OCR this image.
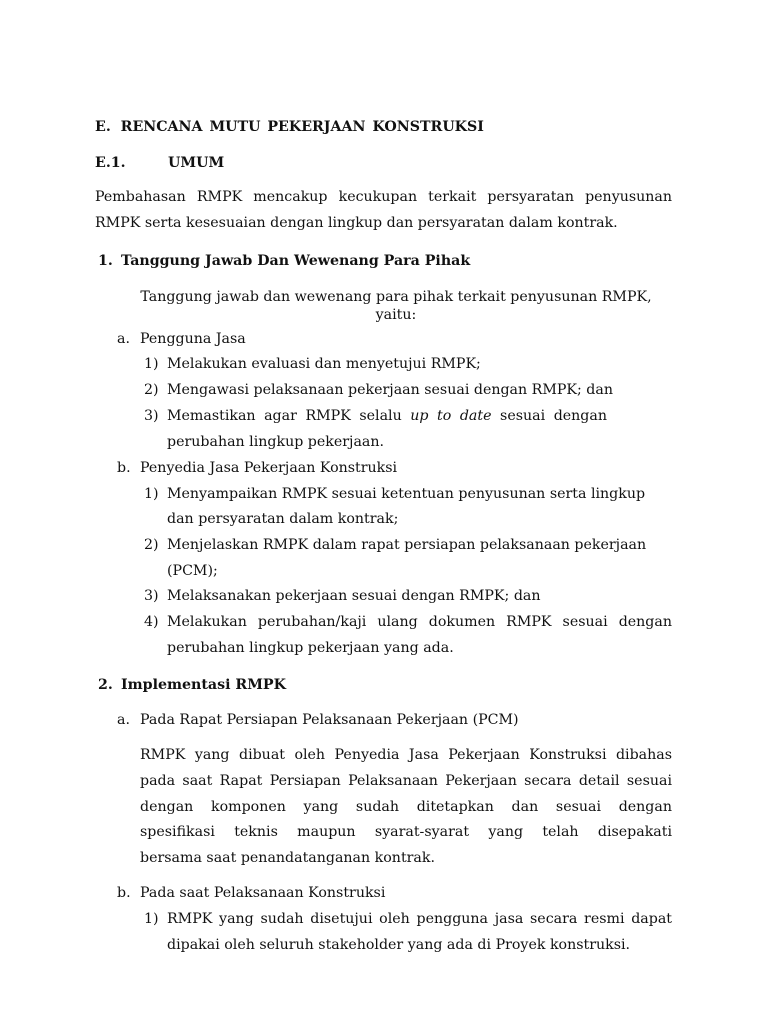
E. RENCANA MUTU PEKERJAAN KONSTRUKSI
E.1.	UMUM
Pembahasan RMPK mencakup kecukupan terkait persyaratan penyusunan
RMPK serta kesesuaian dengan lingkup dan persyaratan dalam kontrak.
1. Tanggung Jawab Dan Wewenang Para Pihak
Tanggung jawab dan wewenang para pihak terkait penyusunan RMPK,
yaitu:
a. Pengguna Jasa
1) Melakukan evaluasi dan menyetujui RMPK;
2) Mengawasi pelaksanaan pekerjaan sesuai dengan RMPK; dan
3) Memastikan agar RMPK selalu up to date sesuai dengan
perubahan lingkup pekerjaan.
b. Penyedia Jasa Pekerjaan Konstruksi
1) Menyampaikan RMPK sesuai ketentuan penyusunan serta lingkup
dan persyaratan dalam kontrak;
2) Menjelaskan RMPK dalam rapat persiapan pelaksanaan pekerjaan
(PCM);
3) Melaksanakan pekerjaan sesuai dengan RMPK; dan
4) Melakukan perubahan/kaji ulang dokumen RMPK sesuai dengan
perubahan lingkup pekerjaan yang ada.
2. Implementasi RMPK
a. Pada Rapat Persiapan Pelaksanaan Pekerjaan (PCM)
RMPK yang dibuat oleh Penyedia Jasa Pekerjaan Konstruksi dibahas
pada saat Rapat Persiapan Pelaksanaan Pekerjaan secara detail sesuai
dengan komponen yang sudah ditetapkan dan sesuai dengan
spesifikasi teknis maupun syarat-syarat yang telah disepakati
bersama saat penandatanganan kontrak.
b. Pada saat Pelaksanaan Konstruksi
1) RMPK yang sudah disetujui oleh pengguna jasa secara resmi dapat
dipakai oleh seluruh stakeholder yang ada di Proyek konstruksi.
